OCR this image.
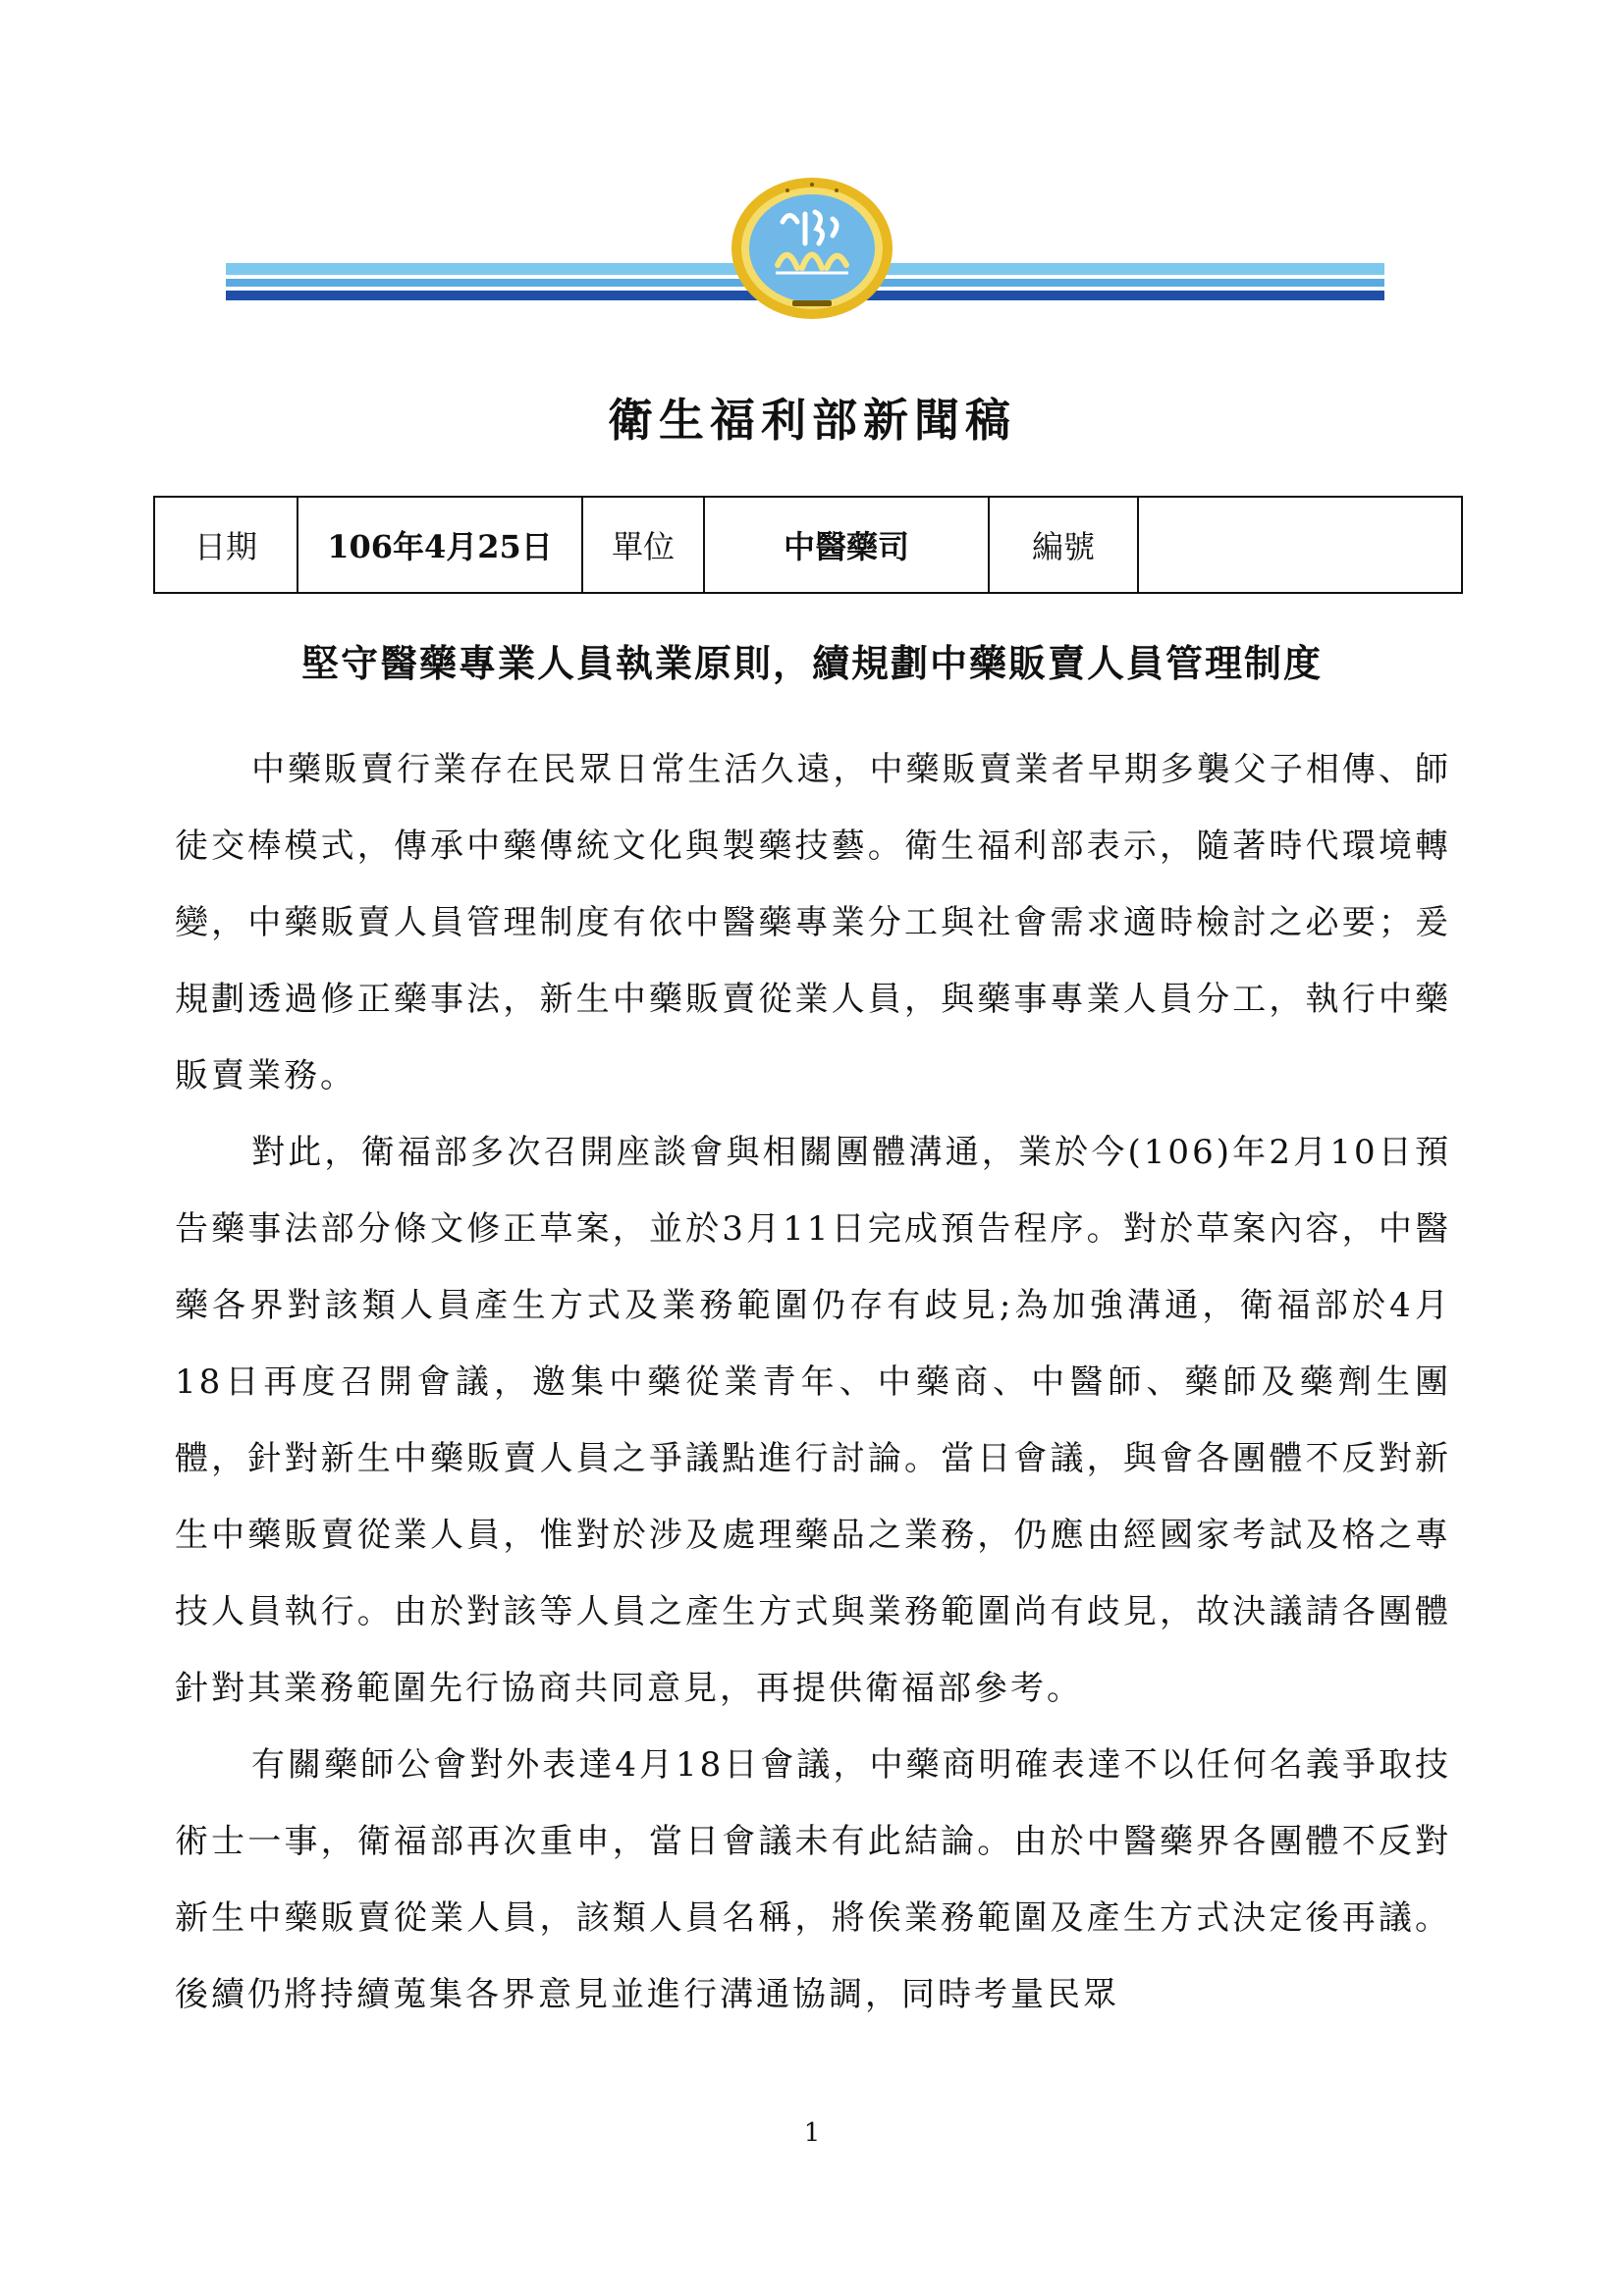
衛生福利部新聞稿
日期	106年4月25日	單位	中醫藥司	編號	
堅守醫藥專業人員執業原則，續規劃中藥販賣人員管理制度

中藥販賣行業存在民眾日常生活久遠，中藥販賣業者早期多襲父子相傳、師徒交棒模式，傳承中藥傳統文化與製藥技藝。衛生福利部表示，隨著時代環境轉變，中藥販賣人員管理制度有依中醫藥專業分工與社會需求適時檢討之必要；爰規劃透過修正藥事法，新生中藥販賣從業人員，與藥事專業人員分工，執行中藥販賣業務。

對此，衛福部多次召開座談會與相關團體溝通，業於今(106)年2月10日預告藥事法部分條文修正草案，並於3月11日完成預告程序。對於草案內容，中醫藥各界對該類人員產生方式及業務範圍仍存有歧見;為加強溝通，衛福部於4月18日再度召開會議，邀集中藥從業青年、中藥商、中醫師、藥師及藥劑生團體，針對新生中藥販賣人員之爭議點進行討論。當日會議，與會各團體不反對新生中藥販賣從業人員，惟對於涉及處理藥品之業務，仍應由經國家考試及格之專技人員執行。由於對該等人員之產生方式與業務範圍尚有歧見，故決議請各團體針對其業務範圍先行協商共同意見，再提供衛福部參考。

有關藥師公會對外表達4月18日會議，中藥商明確表達不以任何名義爭取技術士一事，衛福部再次重申，當日會議未有此結論。由於中醫藥界各團體不反對新生中藥販賣從業人員，該類人員名稱，將俟業務範圍及產生方式決定後再議。後續仍將持續蒐集各界意見並進行溝通協調，同時考量民眾

1
